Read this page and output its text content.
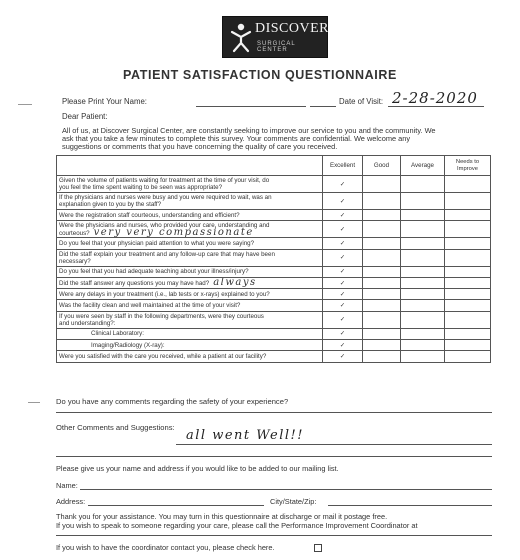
DISCOVER
SURGICAL CENTER
PATIENT SATISFACTION QUESTIONNAIRE
Please Print Your Name:	Date of Visit: 2-28-2020
Dear Patient:
All of us, at Discover Surgical Center, are constantly seeking to improve our service to you and the community. We
ask that you take a few minutes to complete this survey. Your comments are confidential. We welcome any
suggestions or comments that you have concerning the quality of care you received.
	Excellent	Good	Average	Needs to Improve
Given the volume of patients waiting for treatment at the time of your visit, do
you feel the time spent waiting to be seen was appropriate?	✓			
If the physicians and nurses were busy and you were required to wait, was an
explanation given to you by the staff?	✓			
Were the registration staff courteous, understanding and efficient?	✓			
Were the physicians and nurses, who provided your care, understanding and
courteous? very very compassionate	✓			
Do you feel that your physician paid attention to what you were saying?	✓			
Did the staff explain your treatment and any follow-up care that may have been
necessary?	✓			
Do you feel that you had adequate teaching about your illness/injury?	✓			
Did the staff answer any questions you may have had? always	✓			
Were any delays in your treatment (i.e., lab tests or x-rays) explained to you?	✓			
Was the facility clean and well maintained at the time of your visit?	✓			
If you were seen by staff in the following departments, were they courteous
and understanding?:	✓			
Clinical Laboratory:	✓			
Imaging/Radiology (X-ray):	✓			
Were you satisfied with the care you received, while a patient at our facility?	✓			
Do you have any comments regarding the safety of your experience?
Other Comments and Suggestions:
all went Well!!
Please give us your name and address if you would like to be added to our mailing list.
Name:
Address:	City/State/Zip:
Thank you for your assistance. You may turn in this questionnaire at discharge or mail it postage free.
If you wish to speak to someone regarding your care, please call the Performance Improvement Coordinator at
If you wish to have the coordinator contact you, please check here.
